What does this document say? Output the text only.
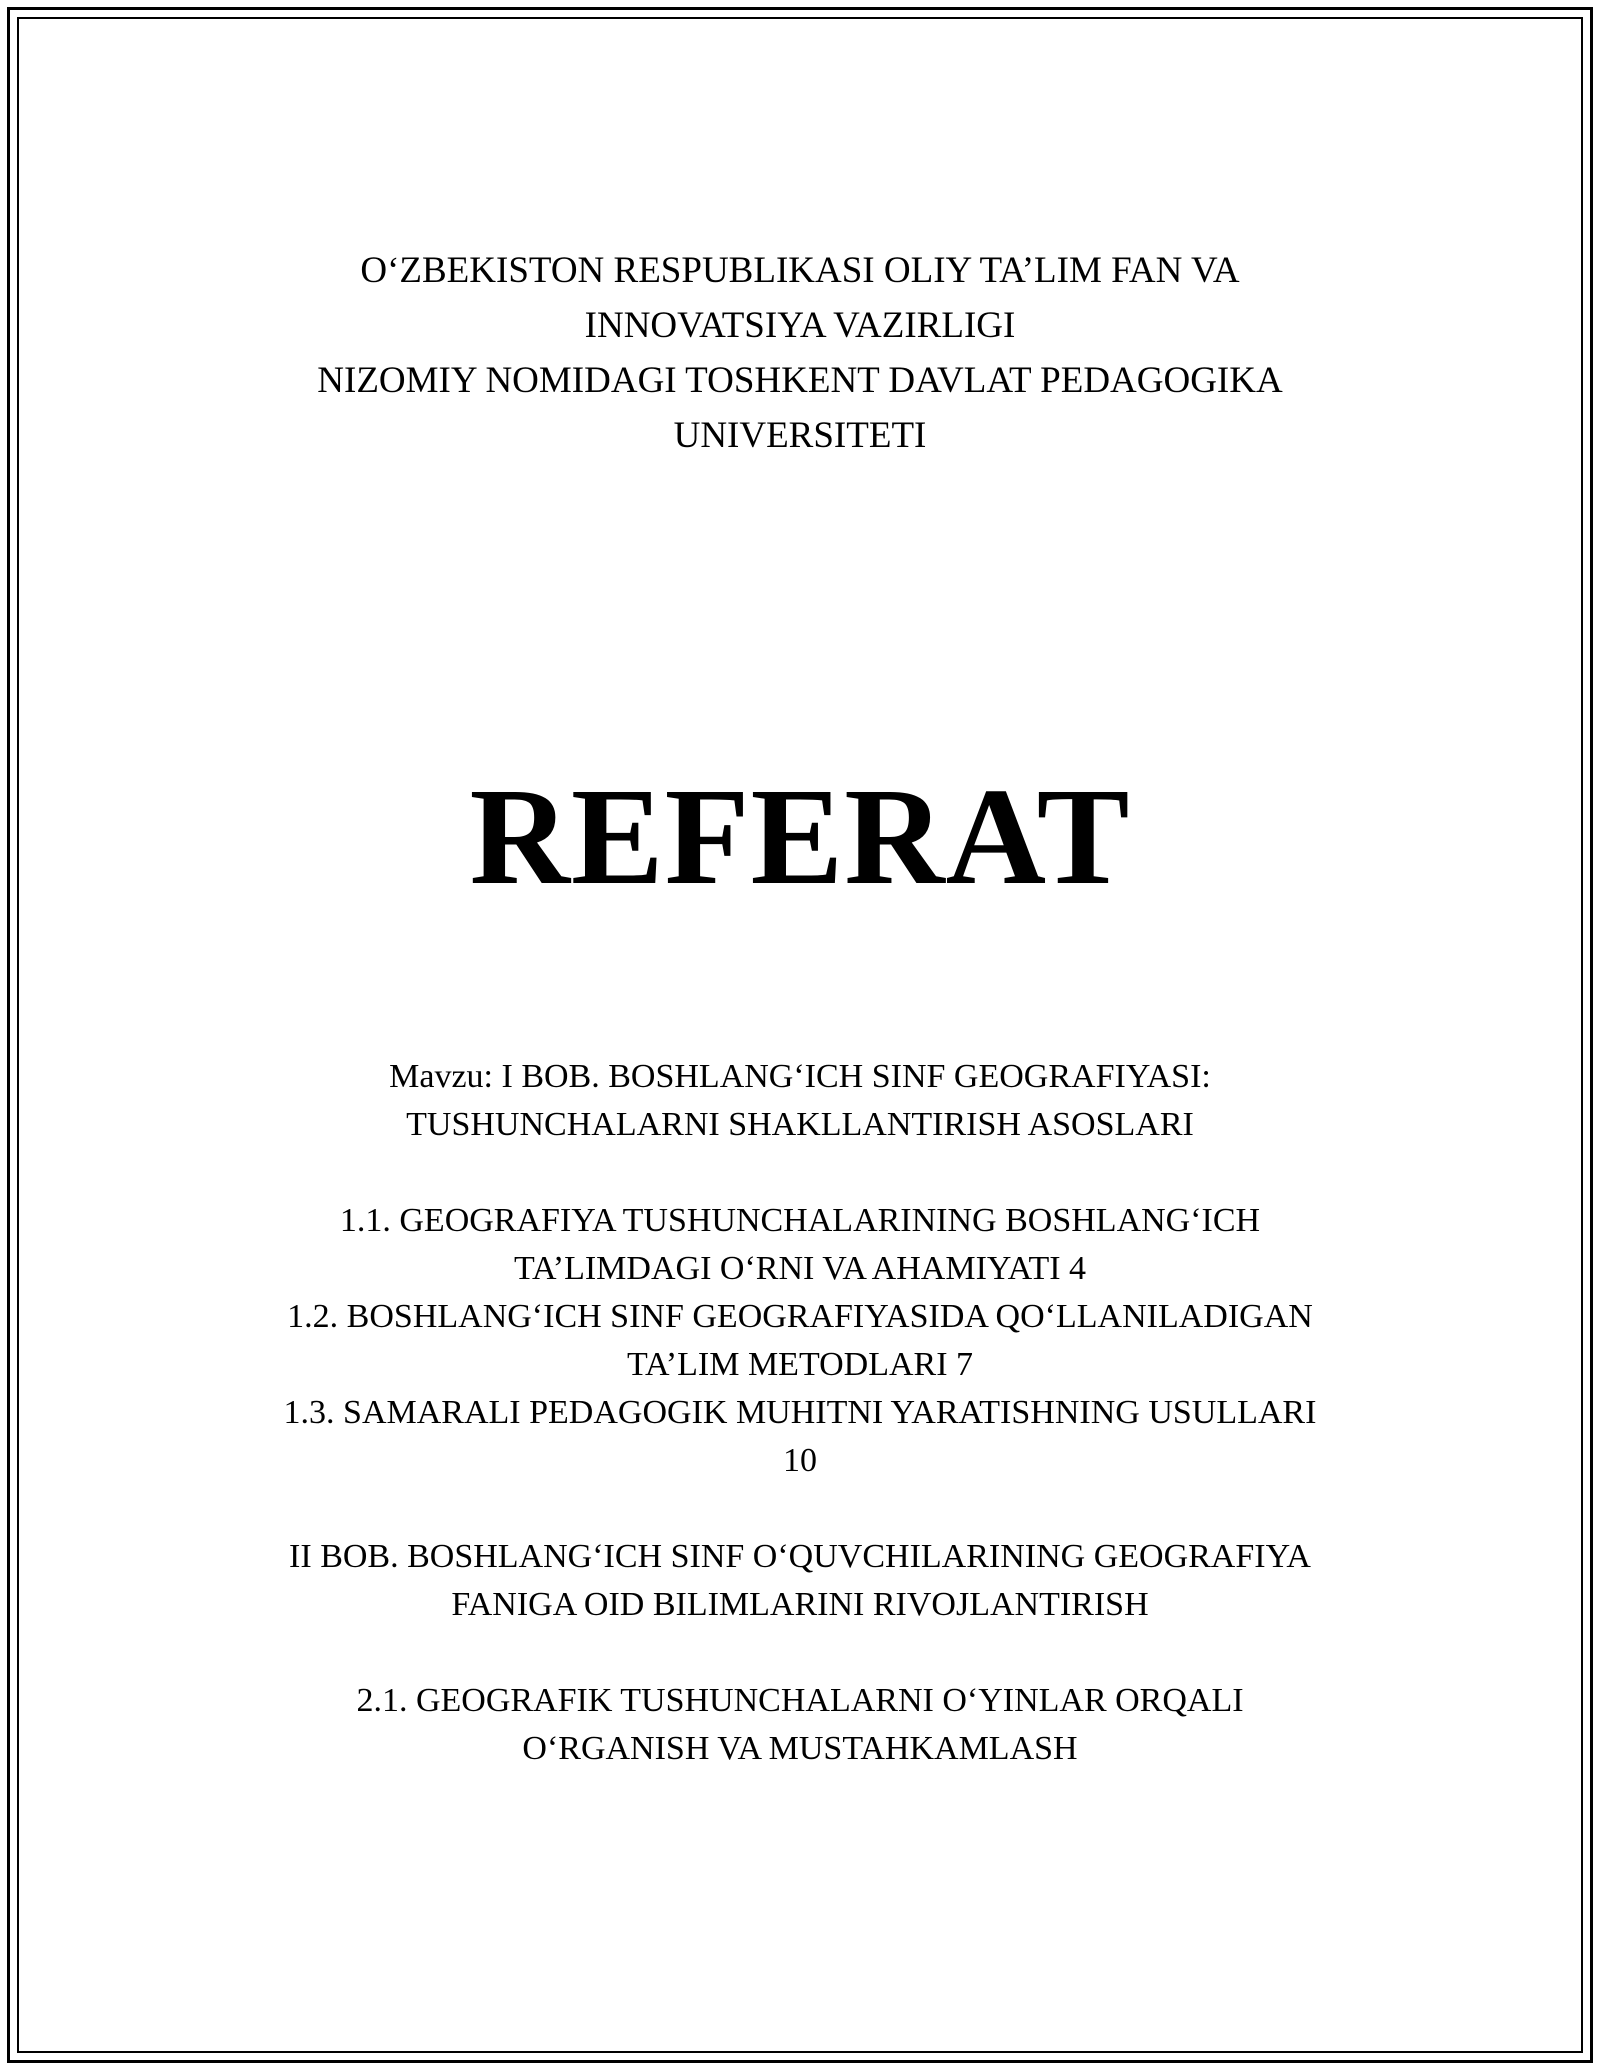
O‘ZBEKISTON RESPUBLIKASI OLIY TA’LIM FAN VA
INNOVATSIYA VAZIRLIGI
NIZOMIY NOMIDAGI TOSHKENT DAVLAT PEDAGOGIKA
UNIVERSITETI
REFERAT
Mavzu: I BOB. BOSHLANG‘ICH SINF GEOGRAFIYASI:
TUSHUNCHALARNI SHAKLLANTIRISH ASOSLARI
1.1. GEOGRAFIYA TUSHUNCHALARINING BOSHLANG‘ICH
TA’LIMDAGI O‘RNI VA AHAMIYATI 4
1.2. BOSHLANG‘ICH SINF GEOGRAFIYASIDA QO‘LLANILADIGAN
TA’LIM METODLARI 7
1.3. SAMARALI PEDAGOGIK MUHITNI YARATISHNING USULLARI
10
II BOB. BOSHLANG‘ICH SINF O‘QUVCHILARINING GEOGRAFIYA
FANIGA OID BILIMLARINI RIVOJLANTIRISH
2.1. GEOGRAFIK TUSHUNCHALARNI O‘YINLAR ORQALI
O‘RGANISH VA MUSTAHKAMLASH
